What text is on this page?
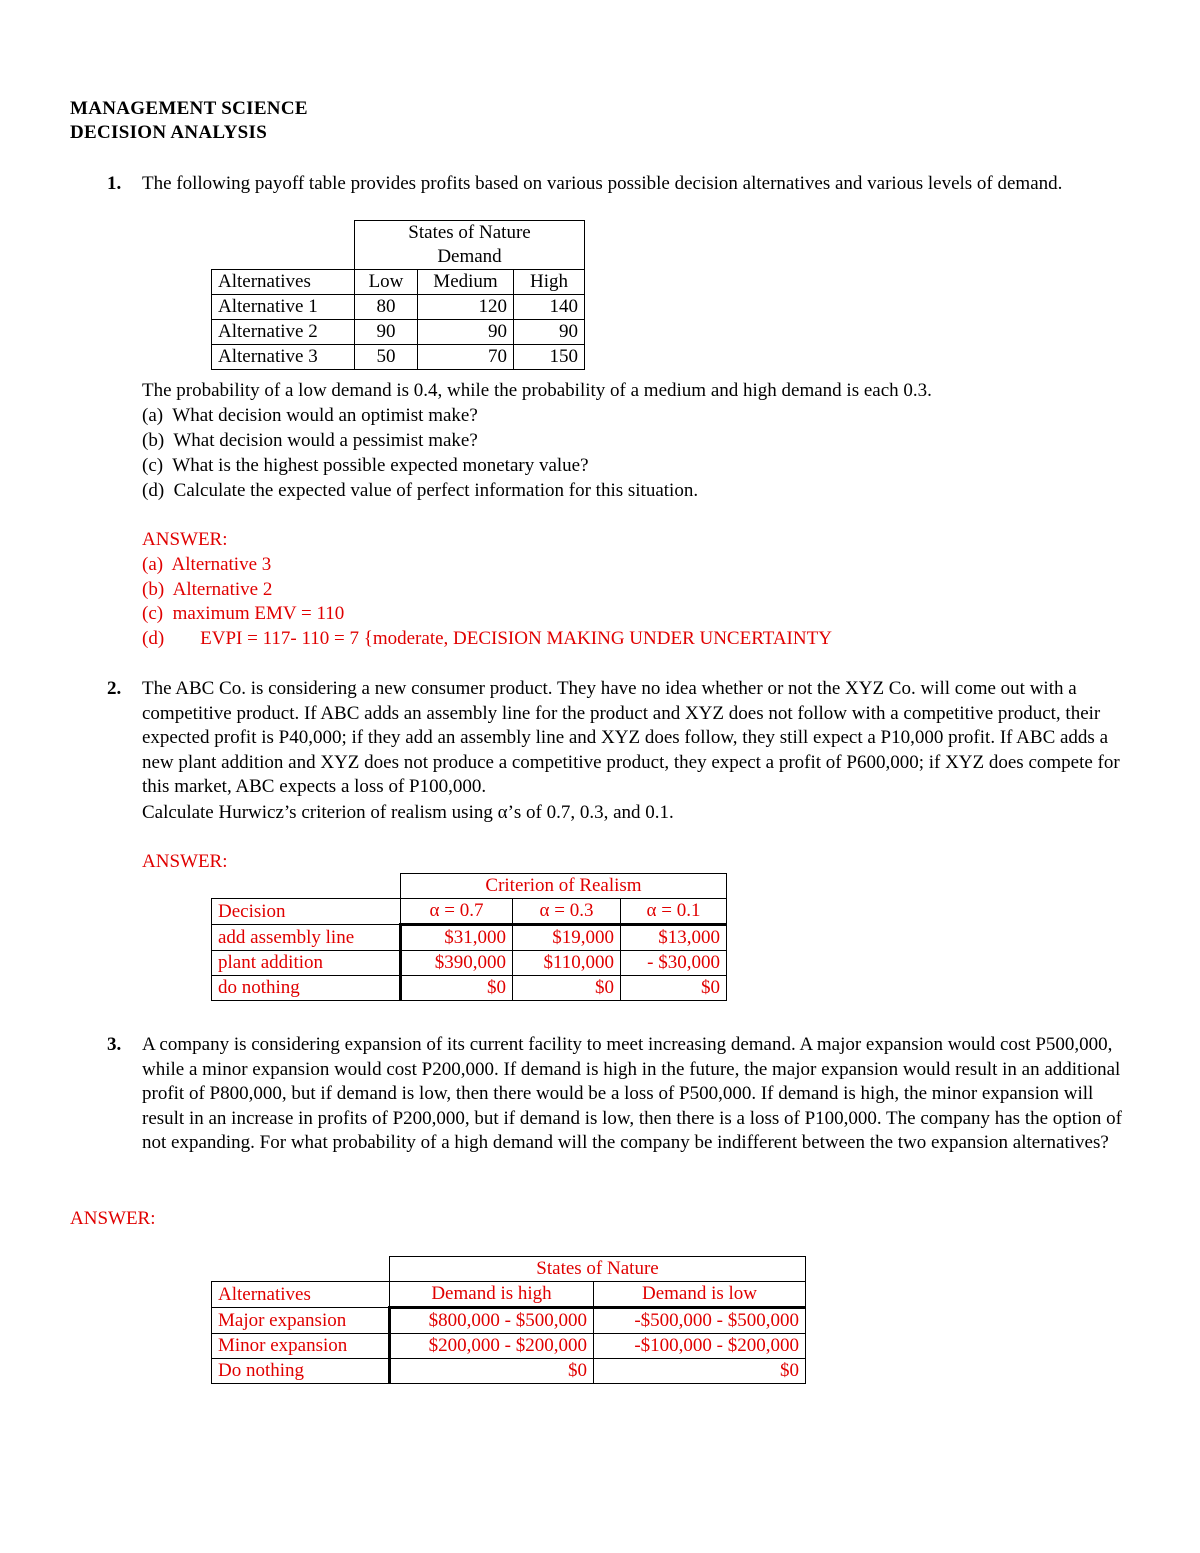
MANAGEMENT SCIENCE
DECISION ANALYSIS
1. The following payoff table provides profits based on various possible decision alternatives and various levels of demand.
	States of Nature		
	Demand		
Alternatives	Low	Medium	High
Alternative 1	80	120	140
Alternative 2	90	90	90
Alternative 3	50	70	150
The probability of a low demand is 0.4, while the probability of a medium and high demand is each 0.3.
(a) What decision would an optimist make?
(b) What decision would a pessimist make?
(c) What is the highest possible expected monetary value?
(d) Calculate the expected value of perfect information for this situation.
ANSWER:
(a) Alternative 3
(b) Alternative 2
(c) maximum EMV = 110
(d) EVPI = 117- 110 = 7 {moderate, DECISION MAKING UNDER UNCERTAINTY
2. The ABC Co. is considering a new consumer product. They have no idea whether or not the XYZ Co. will come out with a competitive product. If ABC adds an assembly line for the product and XYZ does not follow with a competitive product, their expected profit is P40,000; if they add an assembly line and XYZ does follow, they still expect a P10,000 profit. If ABC adds a new plant addition and XYZ does not produce a competitive product, they expect a profit of P600,000; if XYZ does compete for this market, ABC expects a loss of P100,000.
Calculate Hurwicz’s criterion of realism using α’s of 0.7, 0.3, and 0.1.
ANSWER:
	Criterion of Realism		
Decision	α = 0.7	α = 0.3	α = 0.1
add assembly line	$31,000	$19,000	$13,000
plant addition	$390,000	$110,000	- $30,000
do nothing	$0	$0	$0
3. A company is considering expansion of its current facility to meet increasing demand. A major expansion would cost P500,000, while a minor expansion would cost P200,000. If demand is high in the future, the major expansion would result in an additional profit of P800,000, but if demand is low, then there would be a loss of P500,000. If demand is high, the minor expansion will result in an increase in profits of P200,000, but if demand is low, then there is a loss of P100,000. The company has the option of not expanding. For what probability of a high demand will the company be indifferent between the two expansion alternatives?
ANSWER:
	States of Nature	
Alternatives	Demand is high	Demand is low
Major expansion	$800,000 - $500,000	-$500,000 - $500,000
Minor expansion	$200,000 - $200,000	-$100,000 - $200,000
Do nothing	$0	$0
